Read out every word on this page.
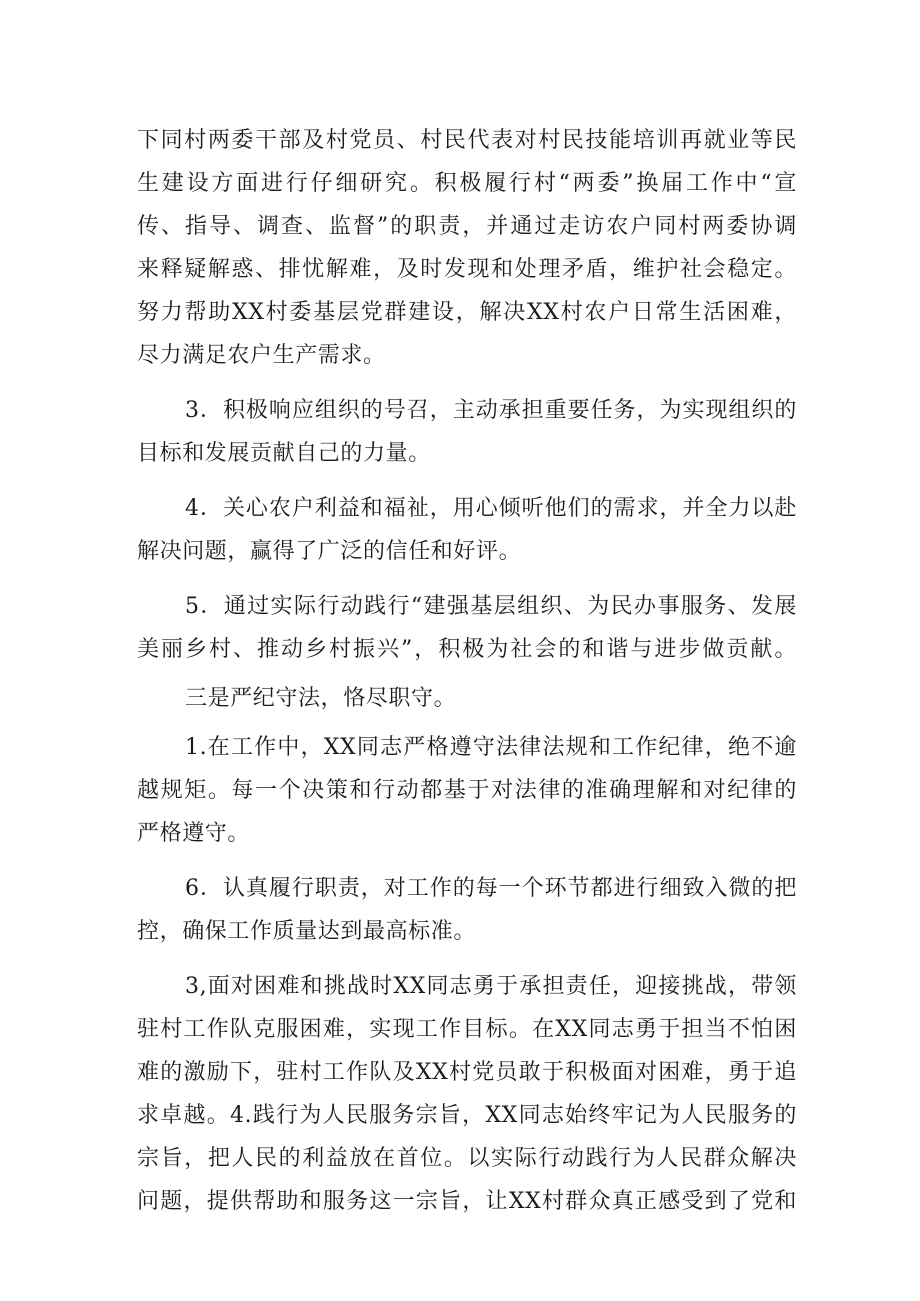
下同村两委干部及村党员、村民代表对村民技能培训再就业等民
生建设方面进行仔细研究。积极履行村“两委”换届工作中“宣
传、指导、调查、监督”的职责，并通过走访农户同村两委协调
来释疑解惑、排忧解难，及时发现和处理矛盾，维护社会稳定。
努力帮助XX村委基层党群建设，解决XX村农户日常生活困难，
尽力满足农户生产需求。
3．积极响应组织的号召，主动承担重要任务，为实现组织的
目标和发展贡献自己的力量。
4．关心农户利益和福祉，用心倾听他们的需求，并全力以赴
解决问题，赢得了广泛的信任和好评。
5．通过实际行动践行“建强基层组织、为民办事服务、发展
美丽乡村、推动乡村振兴”，积极为社会的和谐与进步做贡献。
三是严纪守法，恪尽职守。
1.在工作中，XX同志严格遵守法律法规和工作纪律，绝不逾
越规矩。每一个决策和行动都基于对法律的准确理解和对纪律的
严格遵守。
6．认真履行职责，对工作的每一个环节都进行细致入微的把
控，确保工作质量达到最高标准。
3,面对困难和挑战时XX同志勇于承担责任，迎接挑战，带领
驻村工作队克服困难，实现工作目标。在XX同志勇于担当不怕困
难的激励下，驻村工作队及XX村党员敢于积极面对困难，勇于追
求卓越。4.践行为人民服务宗旨，XX同志始终牢记为人民服务的
宗旨，把人民的利益放在首位。以实际行动践行为人民群众解决
问题，提供帮助和服务这一宗旨，让XX村群众真正感受到了党和
